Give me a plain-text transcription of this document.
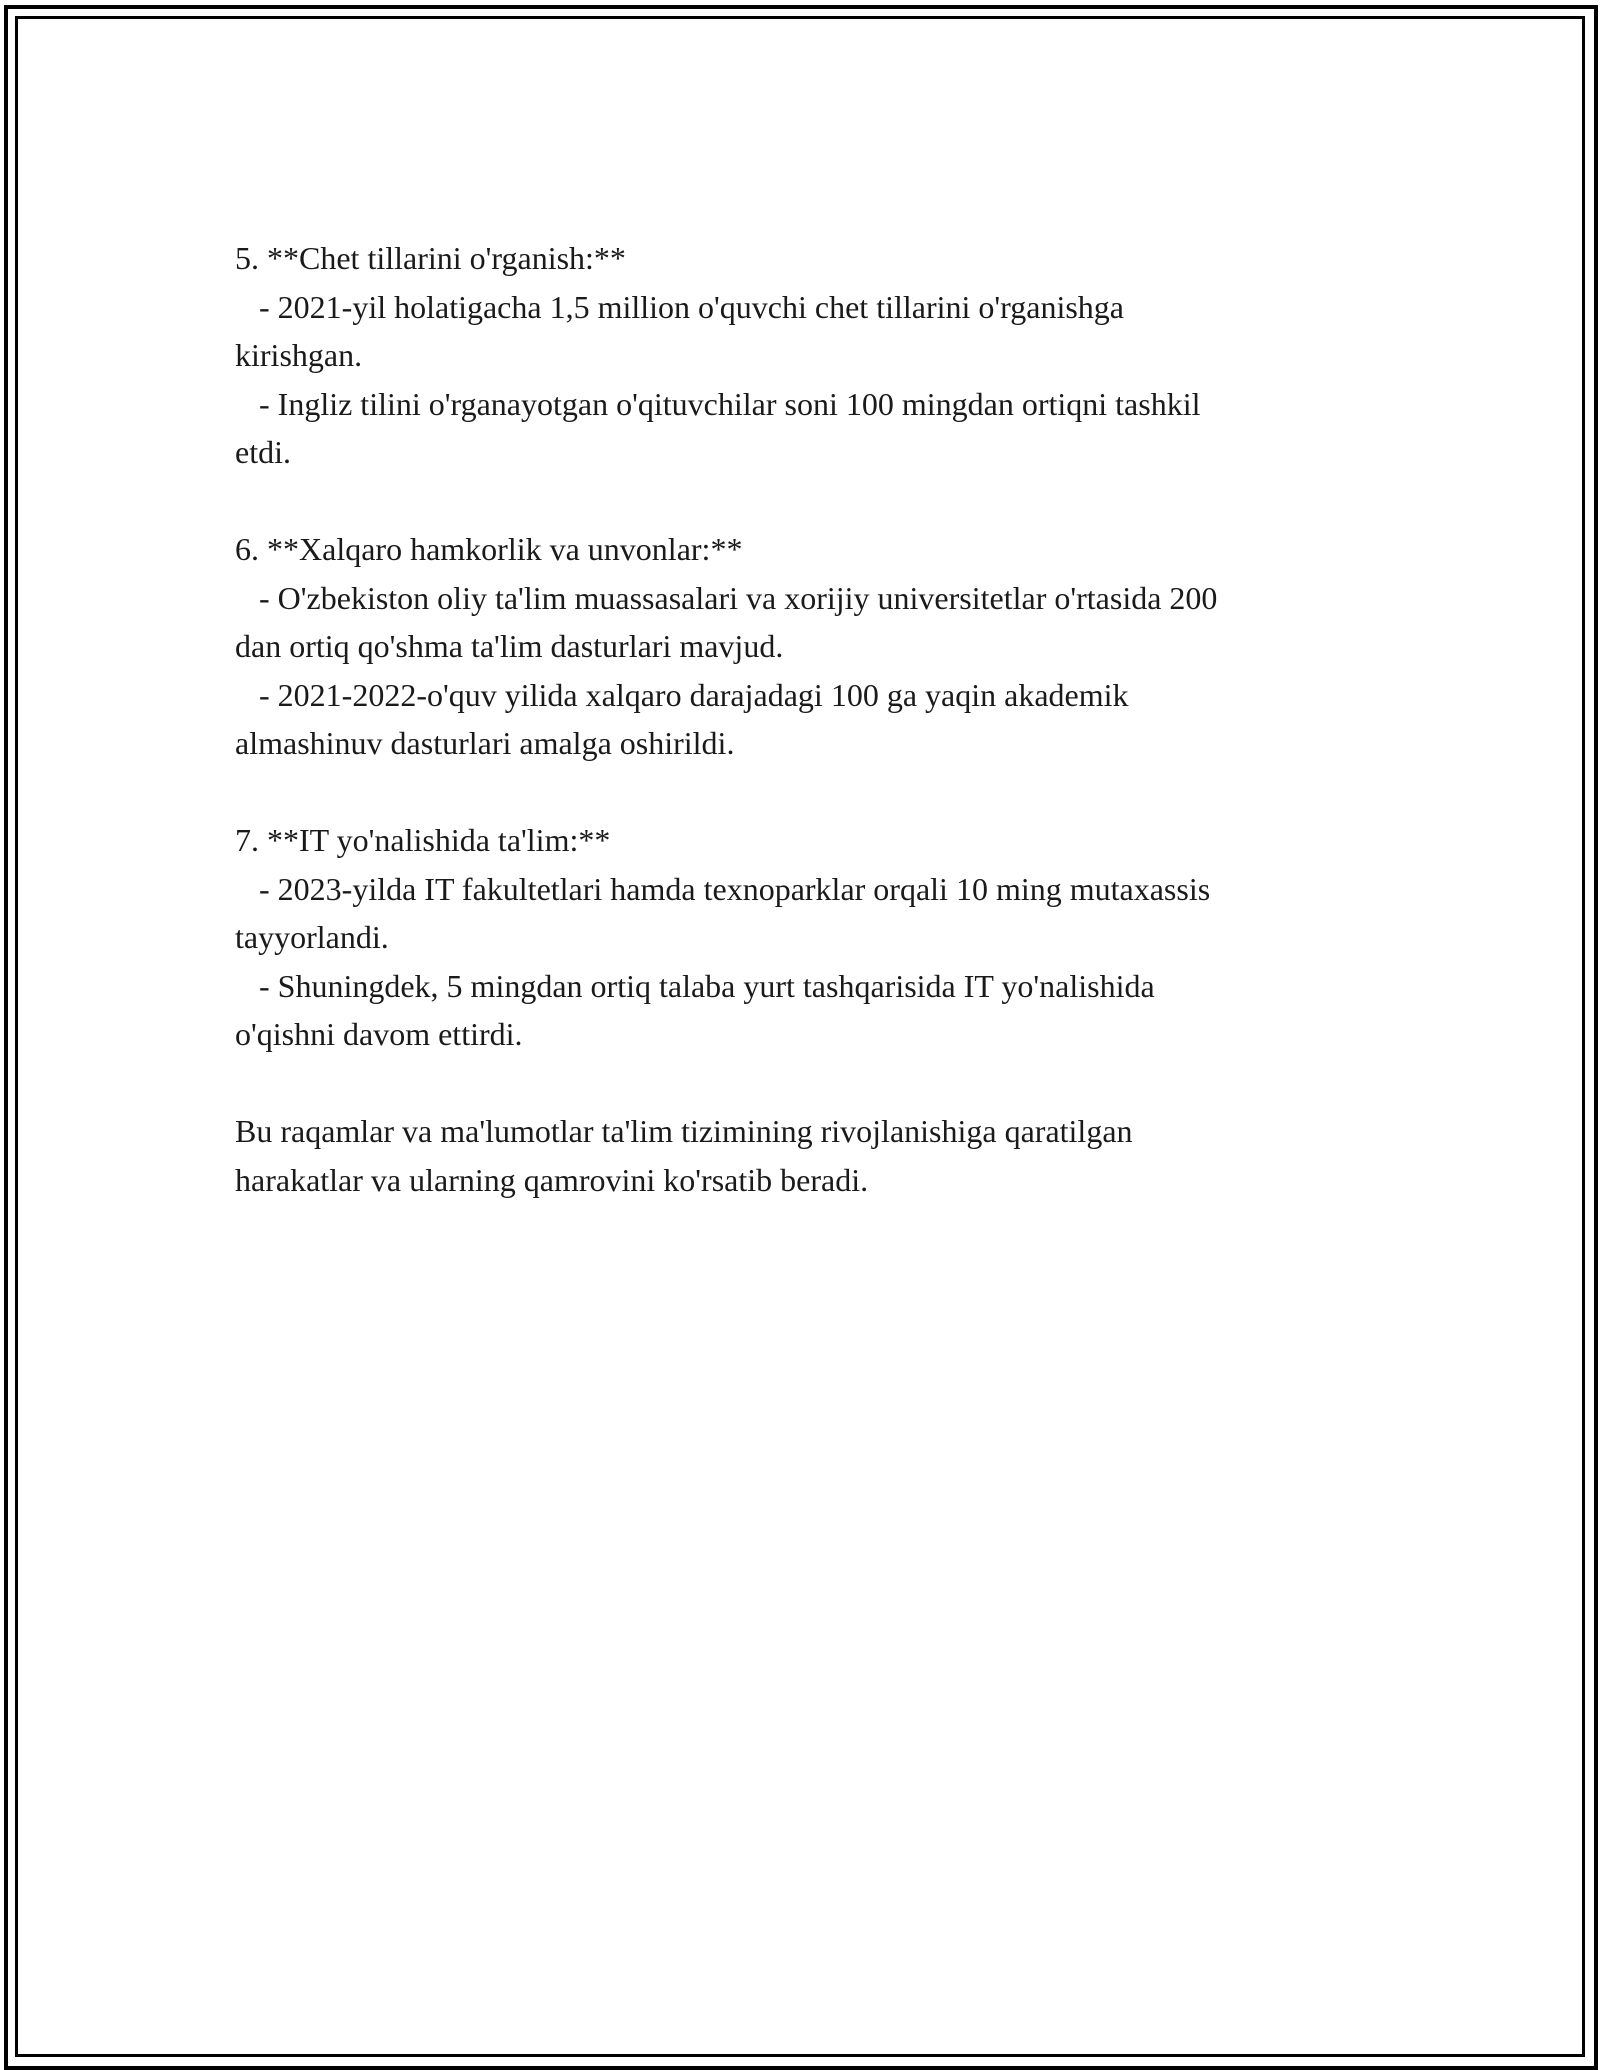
5. **Chet tillarini o'rganish:**
- 2021-yil holatigacha 1,5 million o'quvchi chet tillarini o'rganishga
kirishgan.
- Ingliz tilini o'rganayotgan o'qituvchilar soni 100 mingdan ortiqni tashkil
etdi.
6. **Xalqaro hamkorlik va unvonlar:**
- O'zbekiston oliy ta'lim muassasalari va xorijiy universitetlar o'rtasida 200
dan ortiq qo'shma ta'lim dasturlari mavjud.
- 2021-2022-o'quv yilida xalqaro darajadagi 100 ga yaqin akademik
almashinuv dasturlari amalga oshirildi.
7. **IT yo'nalishida ta'lim:**
- 2023-yilda IT fakultetlari hamda texnoparklar orqali 10 ming mutaxassis
tayyorlandi.
- Shuningdek, 5 mingdan ortiq talaba yurt tashqarisida IT yo'nalishida
o'qishni davom ettirdi.
Bu raqamlar va ma'lumotlar ta'lim tizimining rivojlanishiga qaratilgan
harakatlar va ularning qamrovini ko'rsatib beradi.
